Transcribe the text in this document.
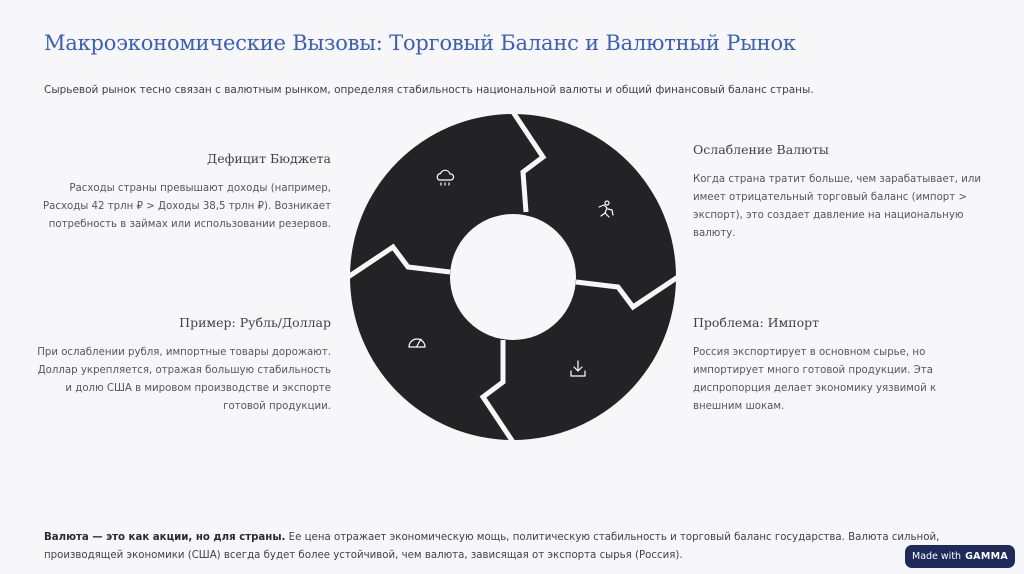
Макроэкономические Вызовы: Торговый Баланс и Валютный Рынок
Сырьевой рынок тесно связан с валютным рынком, определяя стабильность национальной валюты и общий финансовый баланс страны.
Дефицит Бюджета

Расходы страны превышают доходы (например, Расходы 42 трлн ₽ > Доходы 38,5 трлн ₽). Возникает потребность в займах или использовании резервов.

Пример: Рубль/Доллар

При ослаблении рубля, импортные товары дорожают. Доллар укрепляется, отражая большую стабильность и долю США в мировом производстве и экспорте готовой продукции.

Ослабление Валюты

Когда страна тратит больше, чем зарабатывает, или имеет отрицательный торговый баланс (импорт > экспорт), это создает давление на национальную валюту.

Проблема: Импорт

Россия экспортирует в основном сырье, но импортирует много готовой продукции. Эта диспропорция делает экономику уязвимой к внешним шокам.

Валюта — это как акции, но для страны. Ее цена отражает экономическую мощь, политическую стабильность и торговый баланс государства. Валюта сильной, производящей экономики (США) всегда будет более устойчивой, чем валюта, зависящая от экспорта сырья (Россия).	Made with GAMMA
